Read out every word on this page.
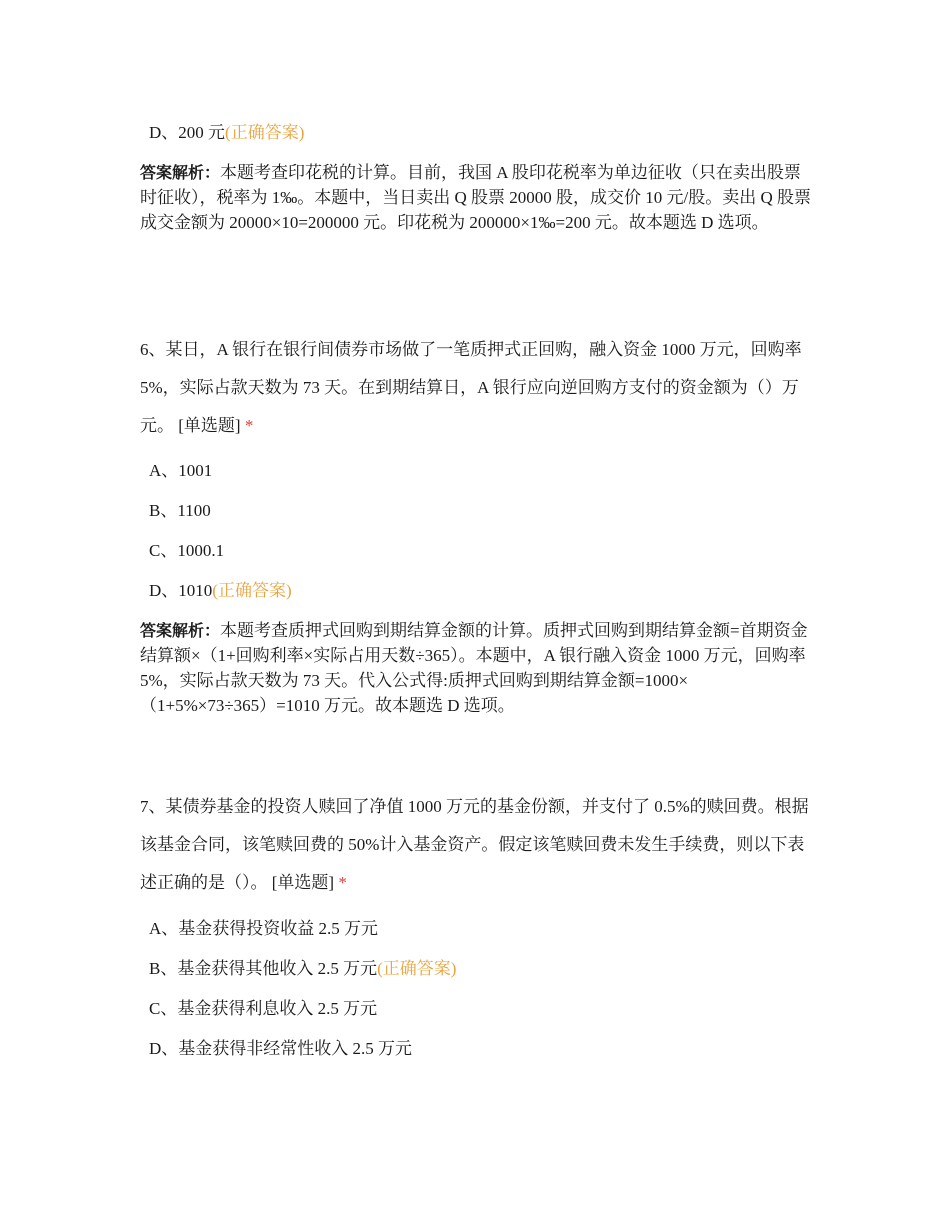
D、200 元(正确答案)
答案解析：本题考查印花税的计算。目前，我国 A 股印花税率为单边征收（只在卖出股票时征收），税率为 1‰。本题中，当日卖出 Q 股票 20000 股，成交价 10 元/股。卖出 Q 股票成交金额为 20000×10=200000 元。印花税为 200000×1‰=200 元。故本题选 D 选项。
6、某日，A 银行在银行间债券市场做了一笔质押式正回购，融入资金 1000 万元，回购率 5%，实际占款天数为 73 天。在到期结算日，A 银行应向逆回购方支付的资金额为（）万元。 [单选题] *
A、1001
B、1100
C、1000.1
D、1010(正确答案)
答案解析：本题考查质押式回购到期结算金额的计算。质押式回购到期结算金额=首期资金结算额×（1+回购利率×实际占用天数÷365）。本题中，A 银行融入资金 1000 万元，回购率 5%，实际占款天数为 73 天。代入公式得:质押式回购到期结算金额=1000×（1+5%×73÷365）=1010 万元。故本题选 D 选项。
7、某债券基金的投资人赎回了净值 1000 万元的基金份额，并支付了 0.5%的赎回费。根据该基金合同，该笔赎回费的 50%计入基金资产。假定该笔赎回费未发生手续费，则以下表述正确的是（）。 [单选题] *
A、基金获得投资收益 2.5 万元
B、基金获得其他收入 2.5 万元(正确答案)
C、基金获得利息收入 2.5 万元
D、基金获得非经常性收入 2.5 万元
